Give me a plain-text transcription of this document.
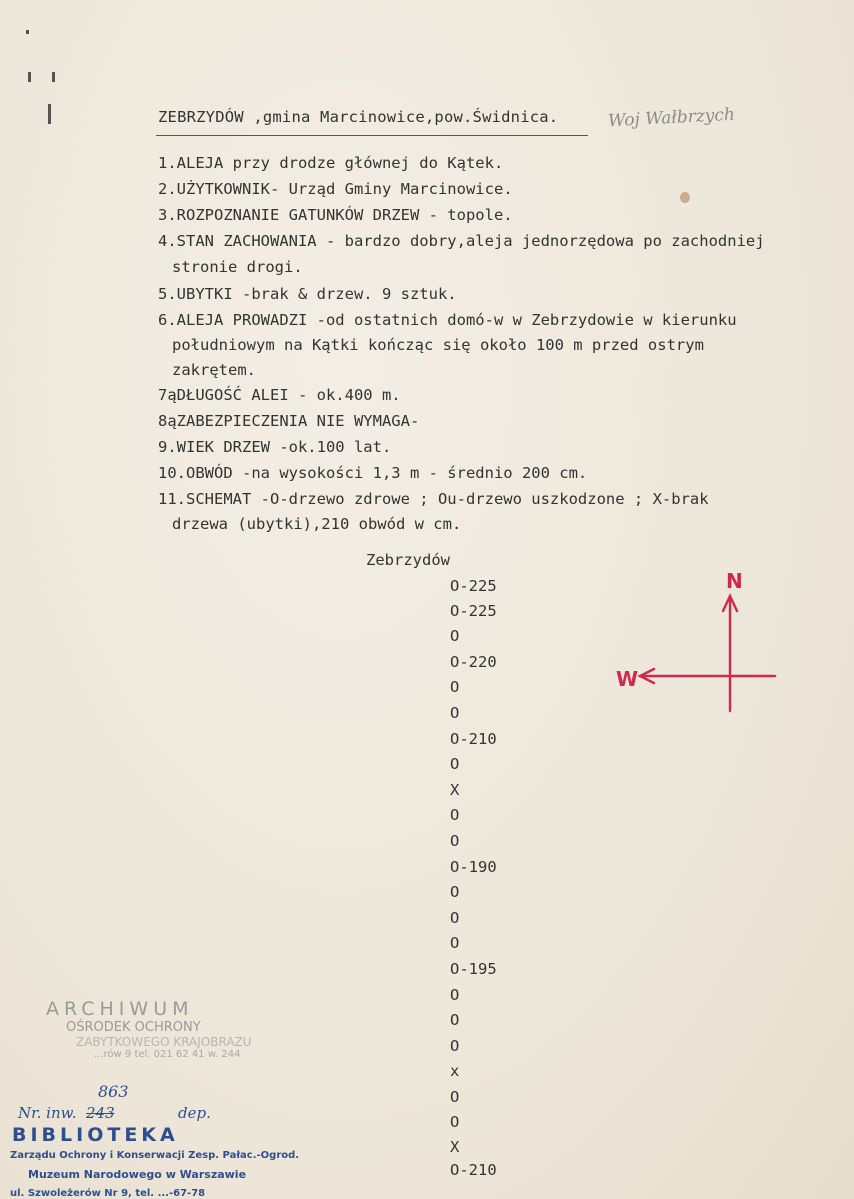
ZEBRZYDÓW ,gmina Marcinowice,pow.Świdnica.	Woj Wałbrzych
1.ALEJA przy drodze głównej do Kątek.
2.UŻYTKOWNIK- Urząd Gminy Marcinowice.
3.ROZPOZNANIE GATUNKÓW DRZEW - topole.
4.STAN ZACHOWANIA - bardzo dobry,aleja jednorzędowa po zachodniej
stronie drogi.
5.UBYTKI -brak & drzew. 9 sztuk.
6.ALEJA PROWADZI -od ostatnich domó-w w Zebrzydowie w kierunku
południowym na Kątki kończąc się około 100 m przed ostrym
zakrętem.
7ąDŁUGOŚĆ ALEI - ok.400 m.
8ąZABEZPIECZENIA NIE WYMAGA-
9.WIEK DRZEW -ok.100 lat.
10.OBWÓD -na wysokości 1,3 m - średnio 200 cm.
11.SCHEMAT -O-drzewo zdrowe ; Ou-drzewo uszkodzone ; X-brak
drzewa (ubytki),210 obwód w cm.
Zebrzydów
O-225
O-225
O
O-220
O
O
O-210
O
X
O
O
O-190
O
O
O
O-195
O
O
O
x
O
O
X
O-210
N
W
ARCHIWUM
OŚRODEK OCHRONY
ZABYTKOWEGO KRAJOBRAZU
...rów 9 tel. 021 62 41 w. 244
863
Nr. inw. 243	dep.
BIBLIOTEKA
Zarządu Ochrony i Konserwacji Zesp. Pałac.-Ogrod.
Muzeum Narodowego w Warszawie
ul. Szwoleżerów Nr 9, tel. ...-67-78
